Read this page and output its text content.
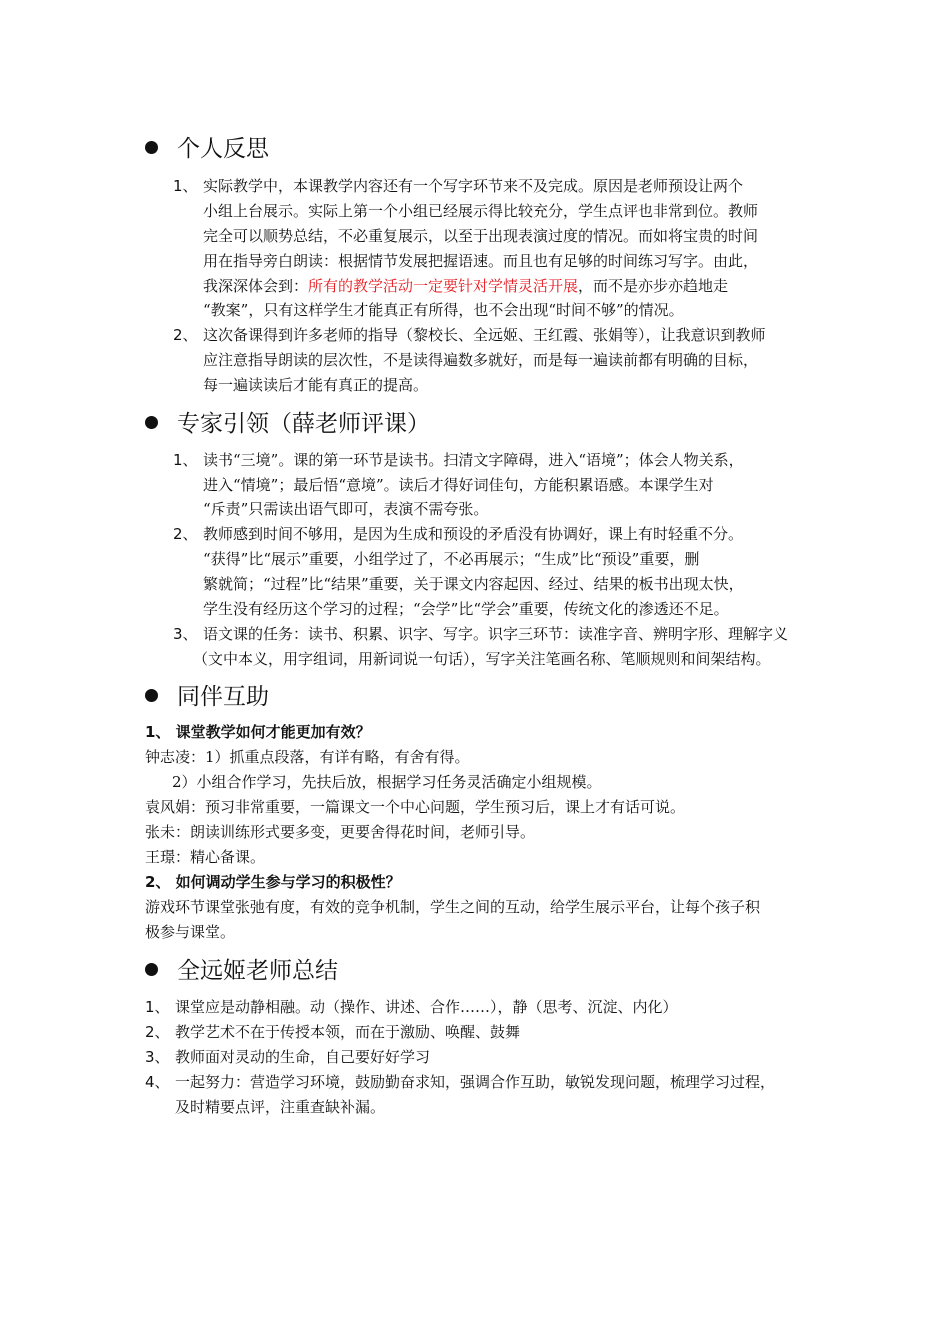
个人反思
1、 实际教学中，本课教学内容还有一个写字环节来不及完成。原因是老师预设让两个
小组上台展示。实际上第一个小组已经展示得比较充分，学生点评也非常到位。教师
完全可以顺势总结，不必重复展示，以至于出现表演过度的情况。而如将宝贵的时间
用在指导旁白朗读：根据情节发展把握语速。而且也有足够的时间练习写字。由此，
我深深体会到：所有的教学活动一定要针对学情灵活开展，而不是亦步亦趋地走
“教案”，只有这样学生才能真正有所得，也不会出现“时间不够”的情况。
2、 这次备课得到许多老师的指导（黎校长、全远姬、王红霞、张娟等），让我意识到教师
应注意指导朗读的层次性，不是读得遍数多就好，而是每一遍读前都有明确的目标，
每一遍读读后才能有真正的提高。
专家引领（薛老师评课）
1、 读书“三境”。课的第一环节是读书。扫清文字障碍，进入“语境”；体会人物关系，
进入“情境”；最后悟“意境”。读后才得好词佳句，方能积累语感。本课学生对
“斥责”只需读出语气即可，表演不需夸张。
2、 教师感到时间不够用，是因为生成和预设的矛盾没有协调好，课上有时轻重不分。
“获得”比“展示”重要，小组学过了，不必再展示；“生成”比“预设”重要，删
繁就简；“过程”比“结果”重要，关于课文内容起因、经过、结果的板书出现太快，
学生没有经历这个学习的过程；“会学”比“学会”重要，传统文化的渗透还不足。
3、 语文课的任务：读书、积累、识字、写字。识字三环节：读准字音、辨明字形、理解字义
（文中本义，用字组词，用新词说一句话），写字关注笔画名称、笔顺规则和间架结构。
同伴互助
1、 课堂教学如何才能更加有效？
钟志凌：1）抓重点段落，有详有略，有舍有得。
2）小组合作学习，先扶后放，根据学习任务灵活确定小组规模。
袁风娟：预习非常重要，一篇课文一个中心问题，学生预习后，课上才有话可说。
张未：朗读训练形式要多变，更要舍得花时间，老师引导。
王璟：精心备课。
2、 如何调动学生参与学习的积极性？
游戏环节课堂张弛有度，有效的竞争机制，学生之间的互动，给学生展示平台，让每个孩子积
极参与课堂。
全远姬老师总结
1、 课堂应是动静相融。动（操作、讲述、合作……），静（思考、沉淀、内化）
2、 教学艺术不在于传授本领，而在于激励、唤醒、鼓舞
3、 教师面对灵动的生命，自己要好好学习
4、 一起努力：营造学习环境，鼓励勤奋求知，强调合作互助，敏锐发现问题，梳理学习过程，
及时精要点评，注重查缺补漏。
